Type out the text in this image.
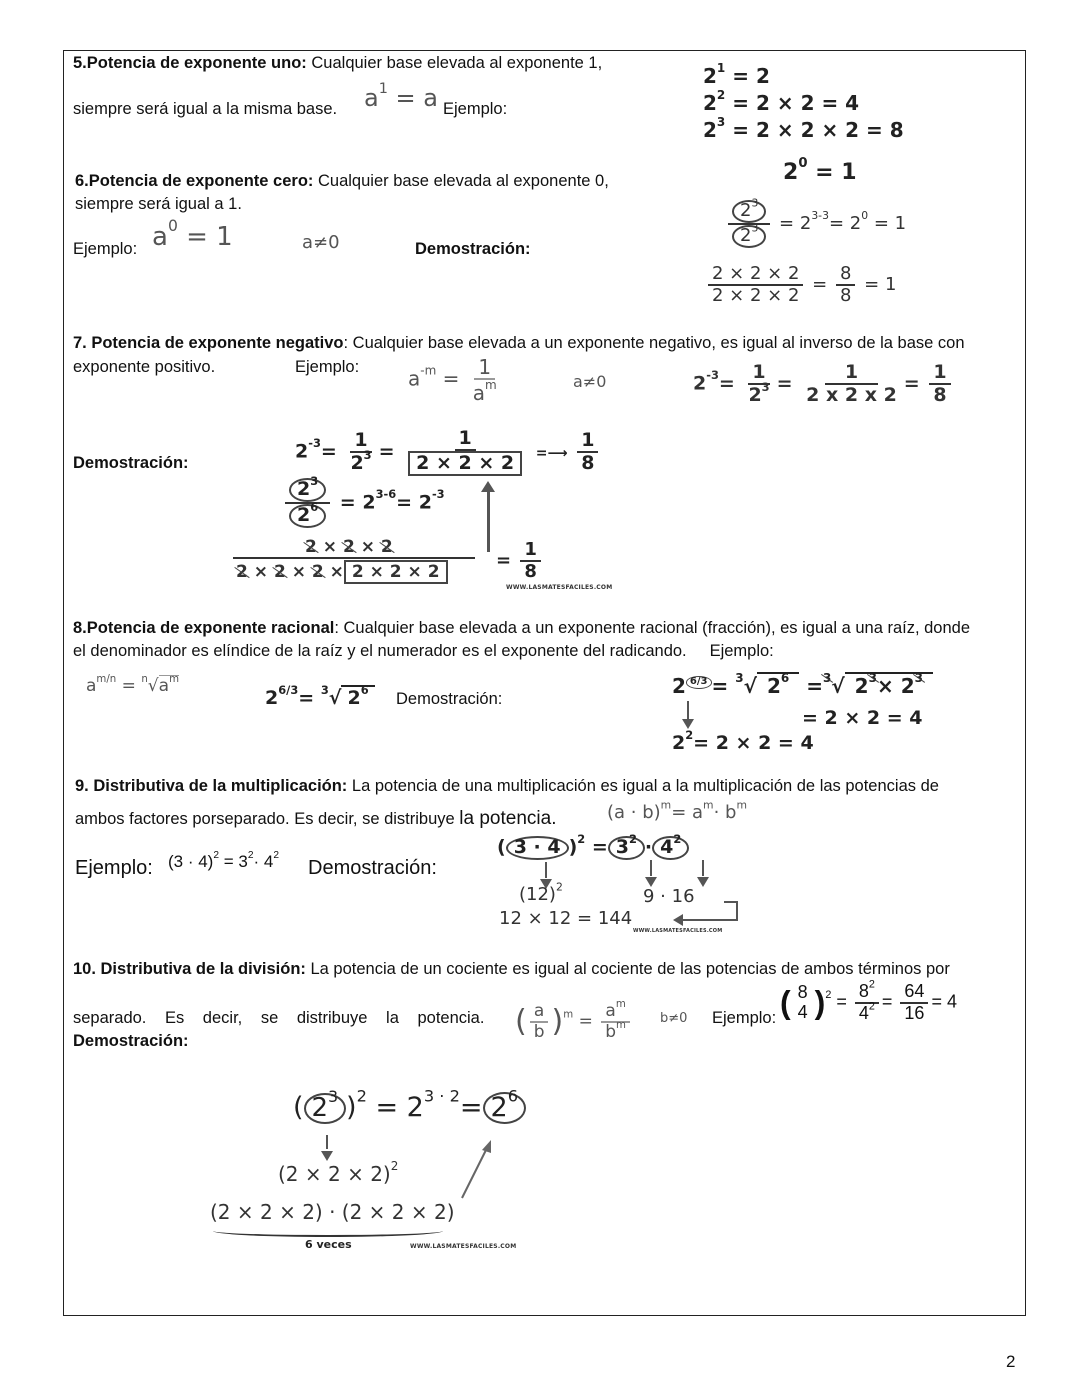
5.Potencia de exponente uno: Cualquier base elevada al exponente 1,
siempre será igual a la misma base. $a^1 = a$ Ejemplo:
$2^1 = 2$
$2^2 = 2 \times 2 = 4$
$2^3 = 2 \times 2 \times 2 = 8$
6.Potencia de exponente cero: Cualquier base elevada al exponente 0,
siempre será igual a 1.
Ejemplo: $a^0 = 1$	a≠0	Demostración:
$2^0 = 1$
$\frac{2^3}{2^3} = 2^{3-3}= 2^0 = 1$
$\frac{2 \times 2 \times 2}{2 \times 2 \times 2} = \frac{8}{8} = 1$
7. Potencia de exponente negativo: Cualquier base elevada a un exponente negativo, es igual al inverso de la base con
exponente positivo.	Ejemplo: $a^{-m} = \frac{1}{a^m}$	a≠0	$2^{-3}= \frac{1}{2^3} = \frac{1}{2 x 2 x 2} = \frac{1}{8}$
Demostración:
$2^{-3}= \frac{1}{2^3} = \frac{1}{2 \times 2 \times 2}$ =⟶ $\frac{1}{8}$
$\frac{2^3}{2^6} = 2^{3-6}= 2^{-3}$
2 × 2 × 2
2 × 2 × 2 × 2 × 2 × 2
= $\frac{1}{8}$
WWW.LASMATESFACILES.COM
8.Potencia de exponente racional: Cualquier base elevada a un exponente racional (fracción), es igual a una raíz, donde
el denominador es elíndice de la raíz y el numerador es el exponente del radicando. Ejemplo:
$a^{m/n} = ^n√a^m$
$2^{6/3}= ^3√$ $2^6$
Demostración:
2 $^{6/3}$ = $^3$√ $2^6 =^3√$ $2^3\times 2^3$
= 2 × 2 = 4
$2^2= 2 \times 2 = 4$
9. Distributiva de la multiplicación: La potencia de una multiplicación es igual a la multiplicación de las potencias de
ambos factores porseparado. Es decir, se distribuye la potencia.	$(a \cdot b)^m= a^m\cdot b^m$
Ejemplo: $(3 \cdot 4)^2 = 3^2\cdot 4^2$
Demostración:
( 3 · 4 )$^2 = 3^2 \cdot 4^2$
$(12)^2$	9 · 16
12 × 12 = 144
WWW.LASMATESFACILES.COM
10. Distributiva de la división: La potencia de un cociente es igual al cociente de las potencias de ambos términos por
separado. Es decir, se distribuye la potencia. ( $\frac{a}{b} )^m = \frac{a^m}{b^m} b\ne 0$ Ejemplo: ( 8
4 )$^2 = \frac{8^2}{4^2} = \frac{64}{16} = 4$
Demostración:
( $2^3$ )$^2 = 2^{3 \cdot 2}= 2^6$
$(2 \times 2 \times 2)^2$
(2 × 2 × 2) · (2 × 2 × 2)
6 veces	WWW.LASMATESFACILES.COM
2
